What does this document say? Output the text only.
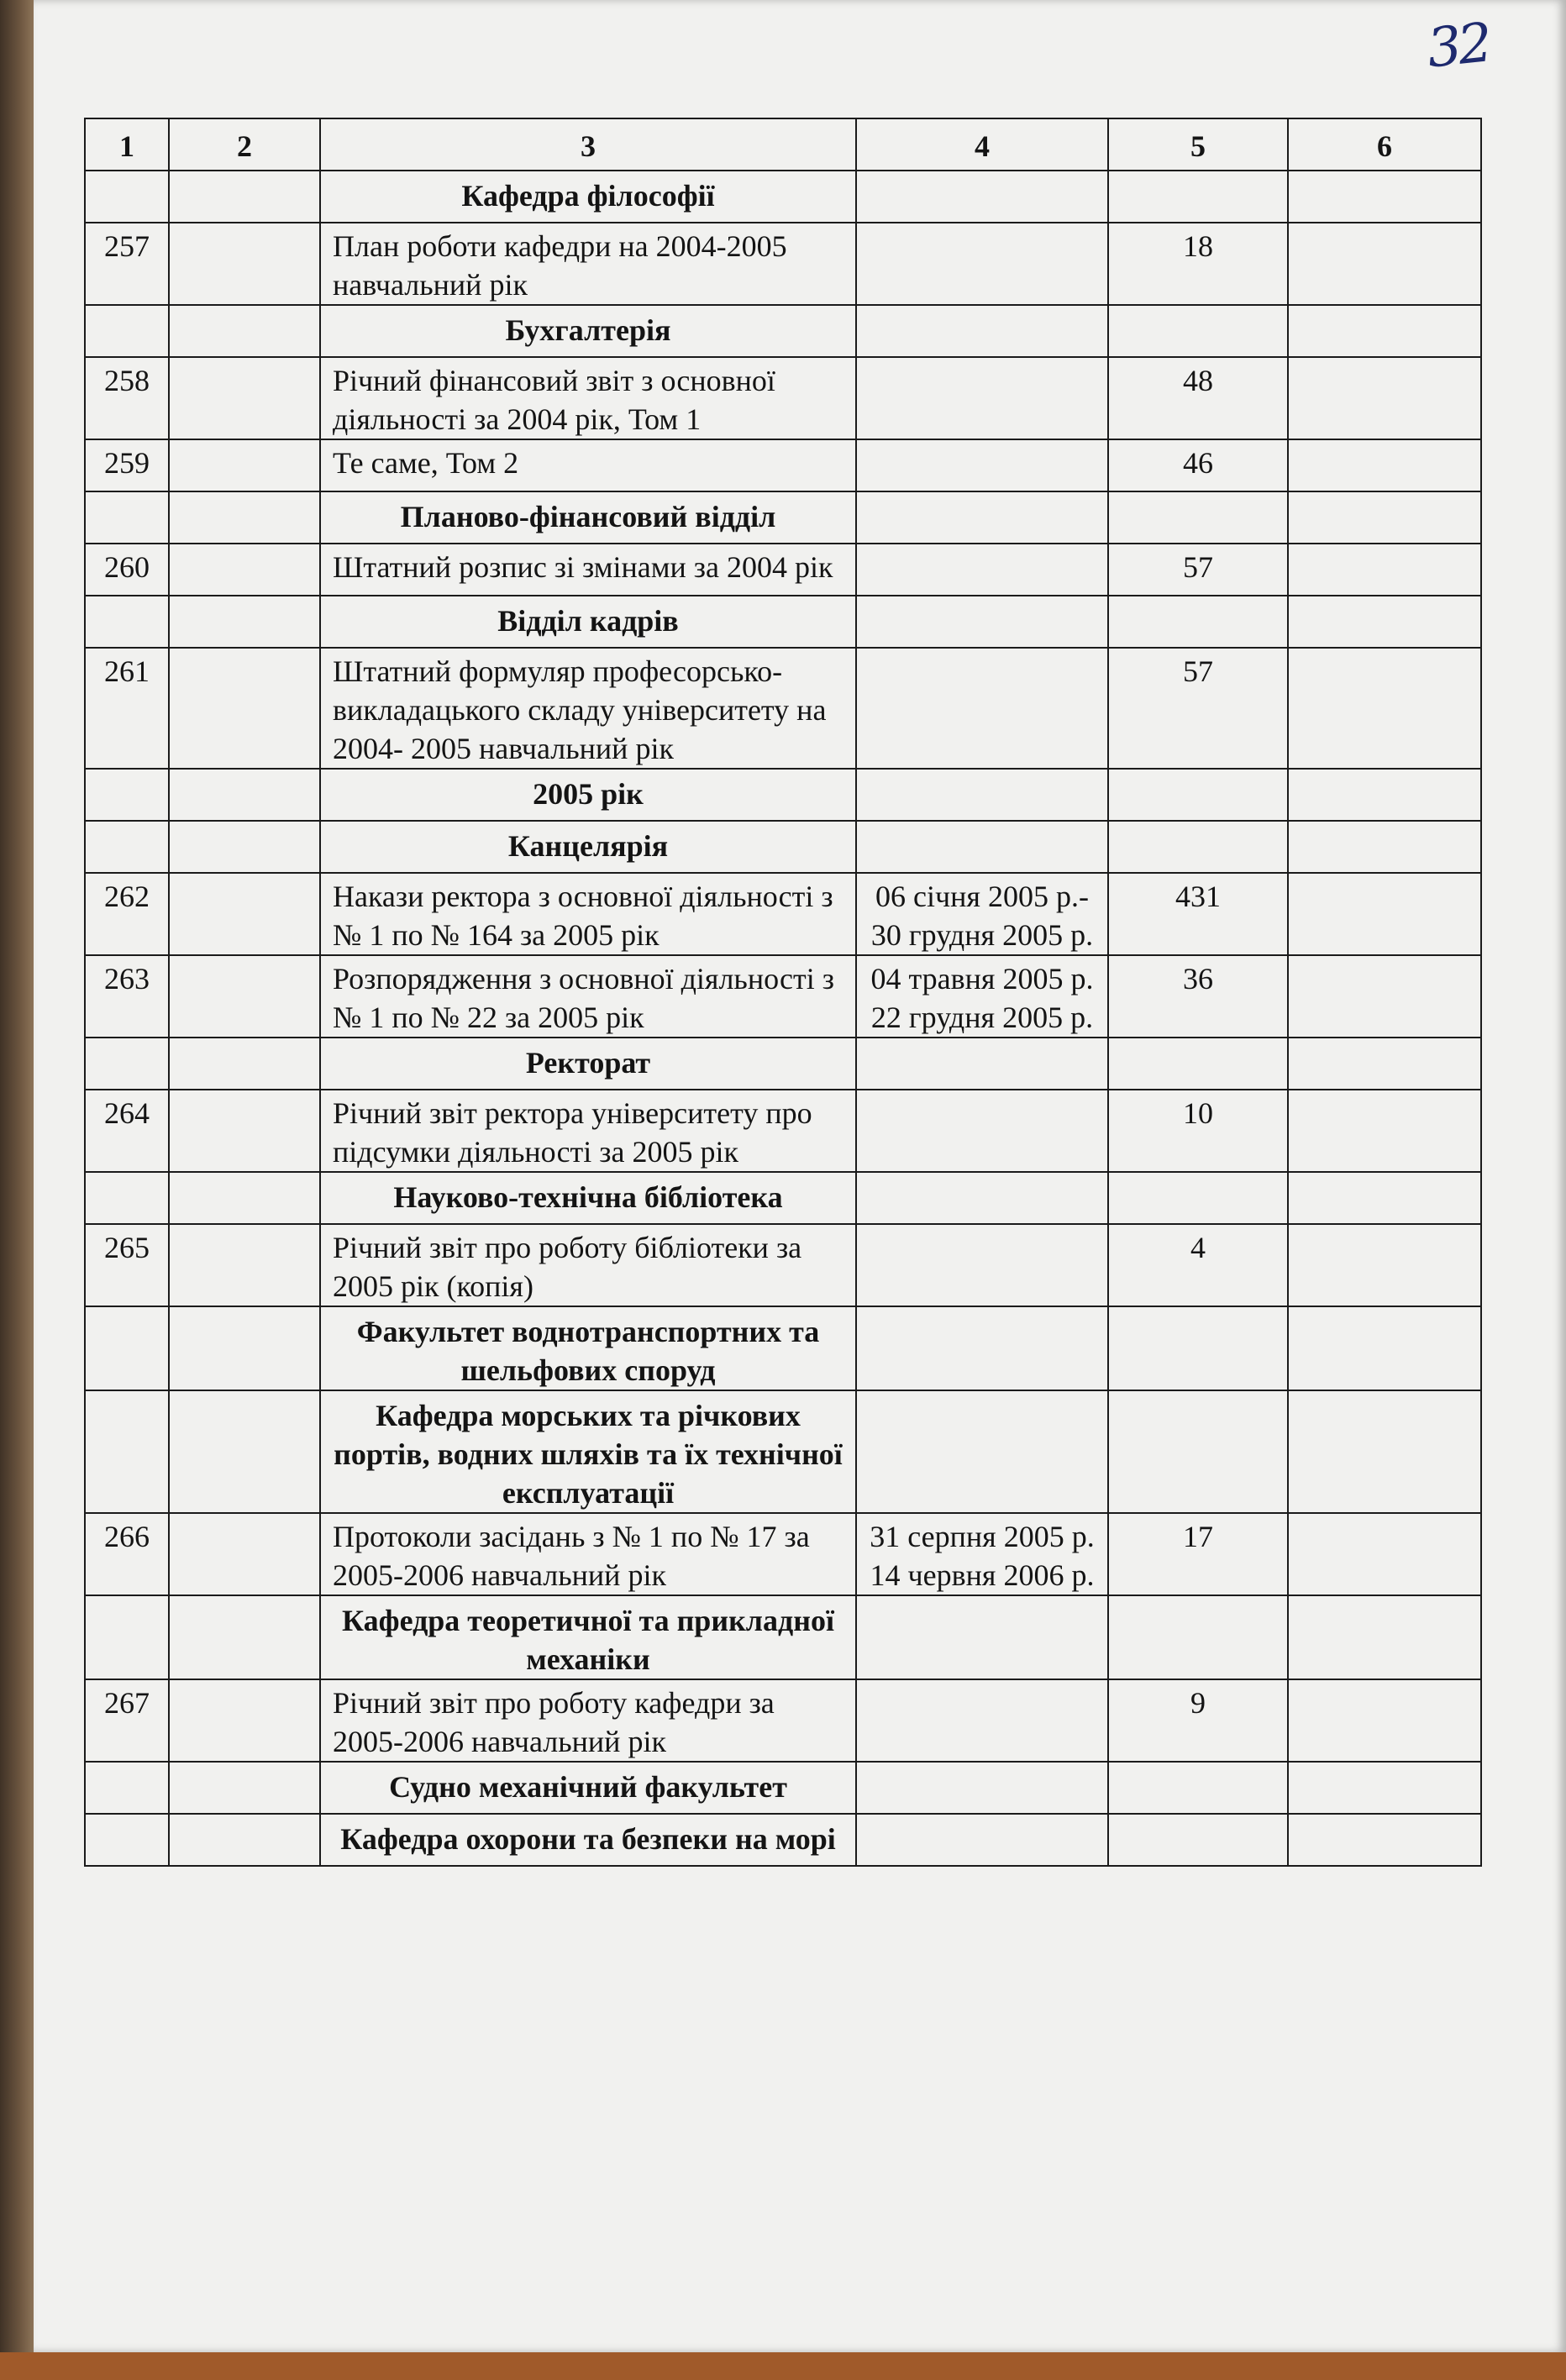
32
1	2	3	4	5	6
		Кафедра філософії			
257		План роботи кафедри на 2004-2005 навчальний рік		18	
		Бухгалтерія			
258		Річний фінансовий звіт з основної діяльності за 2004 рік, Том 1		48	
259		Те саме, Том 2		46	
		Планово-фінансовий відділ			
260		Штатний розпис зі змінами за 2004 рік		57	
		Відділ кадрів			
261		Штатний формуляр професорсько-викладацького складу університету на 2004- 2005 навчальний рік		57	
		2005 рік			
		Канцелярія			
262		Накази ректора з основної діяльності з № 1 по № 164 за 2005 рік	06 січня 2005 р.- 30 грудня 2005 р.	431	
263		Розпорядження з основної діяльності з № 1 по № 22 за 2005 рік	04 травня 2005 р. 22 грудня 2005 р.	36	
		Ректорат			
264		Річний звіт ректора університету про підсумки діяльності за 2005 рік		10	
		Науково-технічна бібліотека			
265		Річний звіт про роботу бібліотеки за 2005 рік (копія)		4	
		Факультет воднотранспортних та шельфових споруд			
		Кафедра морських та річкових портів, водних шляхів та їх технічної експлуатації			
266		Протоколи засідань з № 1 по № 17 за 2005-2006 навчальний рік	31 серпня 2005 р. 14 червня 2006 р.	17	
		Кафедра теоретичної та прикладної механіки			
267		Річний звіт про роботу кафедри за 2005-2006 навчальний рік		9	
		Судно механічний факультет			
		Кафедра охорони та безпеки на морі			
